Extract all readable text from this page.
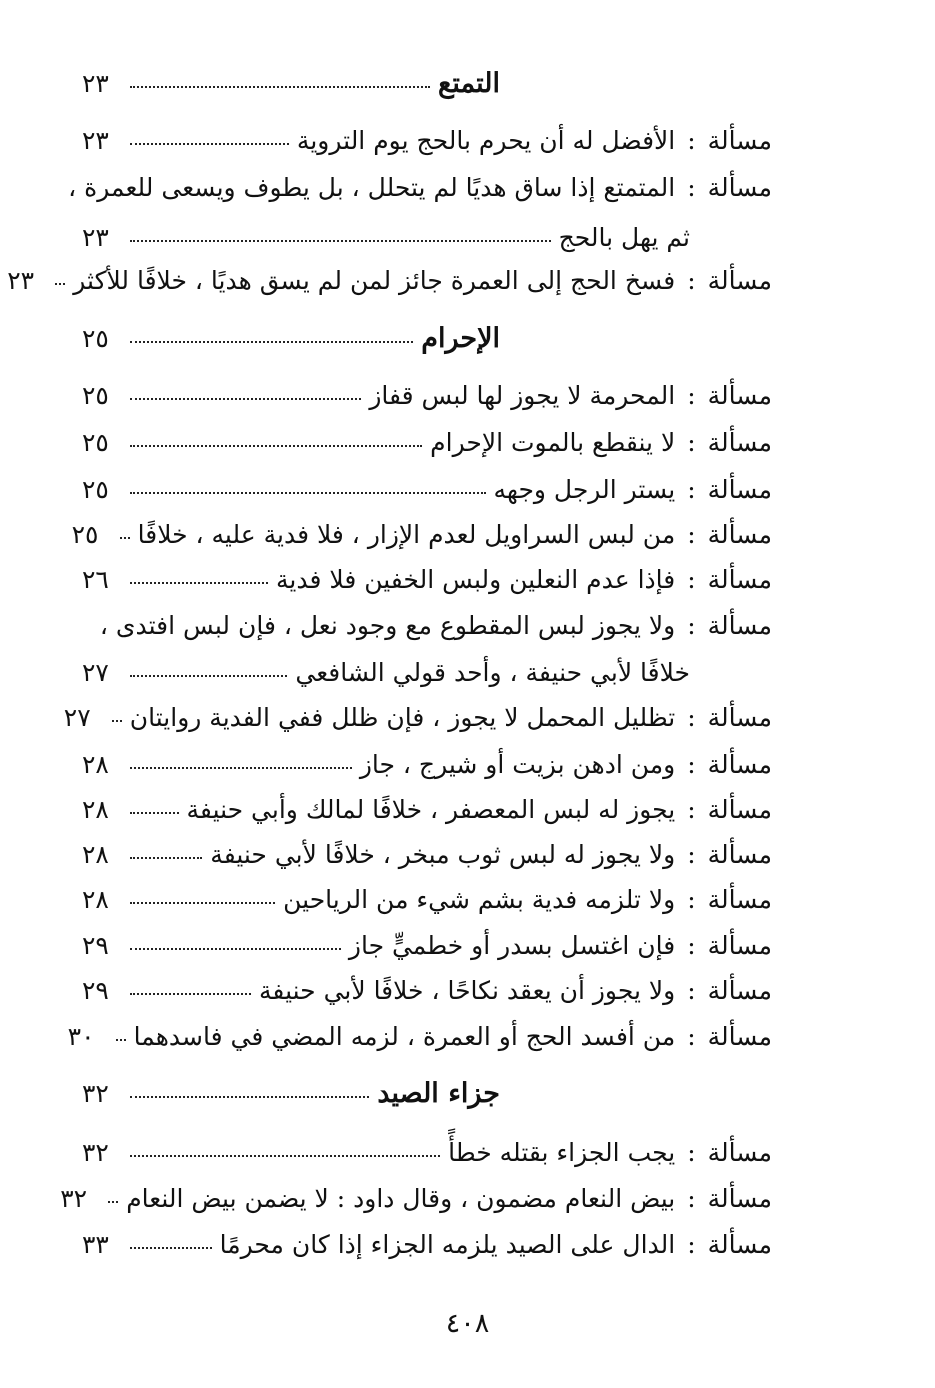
التمتع
٢٣
مسألة
:
الأفضل له أن يحرم بالحج يوم التروية
٢٣
مسألة
:
المتمتع إذا ساق هديًا لم يتحلل ، بل يطوف ويسعى للعمرة ،
ثم يهل بالحج
٢٣
مسألة
:
فسخ الحج إلى العمرة جائز لمن لم يسق هديًا ، خلافًا للأكثر
٢٣
الإحرام
٢٥
مسألة
:
المحرمة لا يجوز لها لبس قفاز
٢٥
مسألة
:
لا ينقطع بالموت الإحرام
٢٥
مسألة
:
يستر الرجل وجهه
٢٥
مسألة
:
من لبس السراويل لعدم الإزار ، فلا فدية عليه ، خلافًا
٢٥
مسألة
:
فإذا عدم النعلين ولبس الخفين فلا فدية
٢٦
مسألة
:
ولا يجوز لبس المقطوع مع وجود نعل ، فإن لبس افتدى ،
خلافًا لأبي حنيفة ، وأحد قولي الشافعي
٢٧
مسألة
:
تظليل المحمل لا يجوز ، فإن ظلل ففي الفدية روايتان
٢٧
مسألة
:
ومن ادهن بزيت أو شيرج ، جاز
٢٨
مسألة
:
يجوز له لبس المعصفر ، خلافًا لمالك وأبي حنيفة
٢٨
مسألة
:
ولا يجوز له لبس ثوب مبخر ، خلافًا لأبي حنيفة
٢٨
مسألة
:
ولا تلزمه فدية بشم شيء من الرياحين
٢٨
مسألة
:
فإن اغتسل بسدر أو خطميٍّ جاز
٢٩
مسألة
:
ولا يجوز أن يعقد نكاحًا ، خلافًا لأبي حنيفة
٢٩
مسألة
:
من أفسد الحج أو العمرة ، لزمه المضي في فاسدهما
٣٠
جزاء الصيد
٣٢
مسألة
:
يجب الجزاء بقتله خطأً
٣٢
مسألة
:
بيض النعام مضمون ، وقال داود : لا يضمن بيض النعام
٣٢
مسألة
:
الدال على الصيد يلزمه الجزاء إذا كان محرمًا
٣٣
٤٠٨
